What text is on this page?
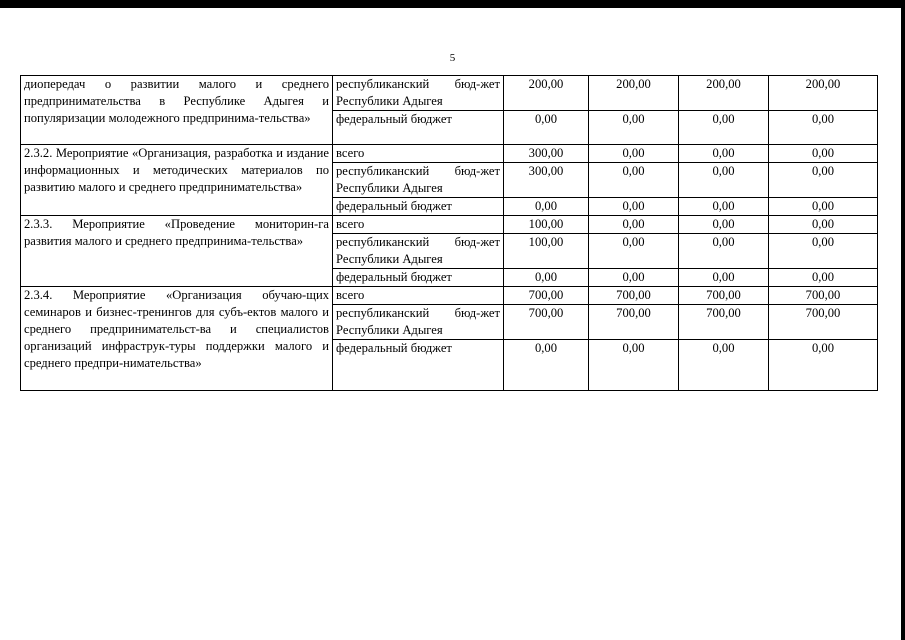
5
диопередач о развитии малого и среднего предпринимательства в Республике Адыгея и популяризации молодежного предпринима-тельства»	республиканский бюд-жет Республики Адыгея	200,00	200,00	200,00	200,00
	федеральный бюджет	0,00	0,00	0,00	0,00
2.3.2. Мероприятие «Организация, разработка и издание информационных и методических материалов по развитию малого и среднего предпринимательства»	всего	300,00	0,00	0,00	0,00
	республиканский бюд-жет Республики Адыгея	300,00	0,00	0,00	0,00
	федеральный бюджет	0,00	0,00	0,00	0,00
2.3.3. Мероприятие «Проведение мониторин-га развития малого и среднего предпринима-тельства»	всего	100,00	0,00	0,00	0,00
	республиканский бюд-жет Республики Адыгея	100,00	0,00	0,00	0,00
	федеральный бюджет	0,00	0,00	0,00	0,00
2.3.4. Мероприятие «Организация обучаю-щих семинаров и бизнес-тренингов для субъ-ектов малого и среднего предпринимательст-ва и специалистов организаций инфраструк-туры поддержки малого и среднего предпри-нимательства»	всего	700,00	700,00	700,00	700,00
	республиканский бюд-жет Республики Адыгея	700,00	700,00	700,00	700,00
	федеральный бюджет	0,00	0,00	0,00	0,00
